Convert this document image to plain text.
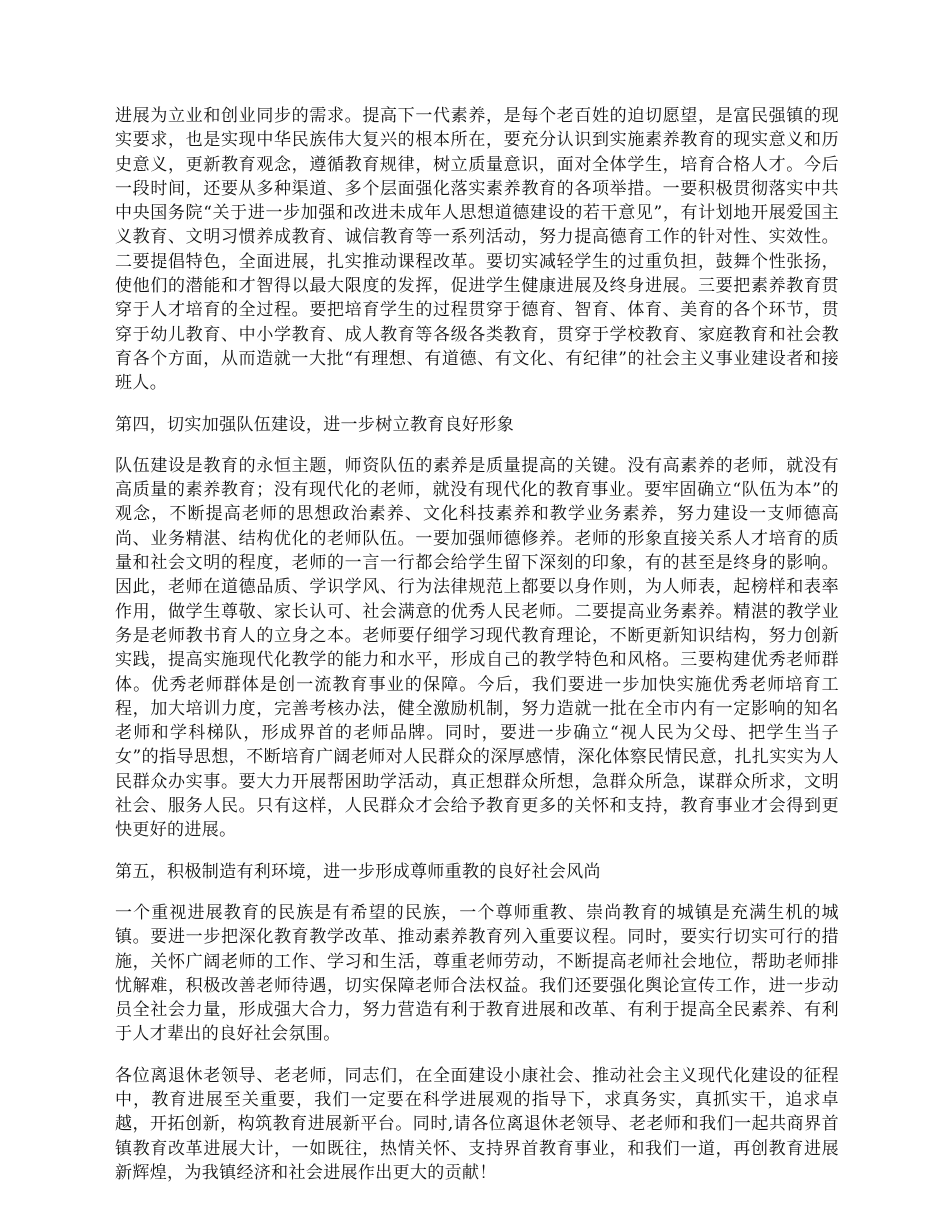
进展为立业和创业同步的需求。提高下一代素养，是每个老百姓的迫切愿望，是富民强镇的现实要求，也是实现中华民族伟大复兴的根本所在，要充分认识到实施素养教育的现实意义和历史意义，更新教育观念，遵循教育规律，树立质量意识，面对全体学生，培育合格人才。今后一段时间，还要从多种渠道、多个层面强化落实素养教育的各项举措。一要积极贯彻落实中共中央国务院“关于进一步加强和改进未成年人思想道德建设的若干意见”，有计划地开展爱国主义教育、文明习惯养成教育、诚信教育等一系列活动，努力提高德育工作的针对性、实效性。二要提倡特色，全面进展，扎实推动课程改革。要切实减轻学生的过重负担，鼓舞个性张扬，使他们的潜能和才智得以最大限度的发挥，促进学生健康进展及终身进展。三要把素养教育贯穿于人才培育的全过程。要把培育学生的过程贯穿于德育、智育、体育、美育的各个环节，贯穿于幼儿教育、中小学教育、成人教育等各级各类教育，贯穿于学校教育、家庭教育和社会教育各个方面，从而造就一大批“有理想、有道德、有文化、有纪律”的社会主义事业建设者和接班人。

第四，切实加强队伍建设，进一步树立教育良好形象

队伍建设是教育的永恒主题，师资队伍的素养是质量提高的关键。没有高素养的老师，就没有高质量的素养教育；没有现代化的老师，就没有现代化的教育事业。要牢固确立“队伍为本”的观念，不断提高老师的思想政治素养、文化科技素养和教学业务素养，努力建设一支师德高尚、业务精湛、结构优化的老师队伍。一要加强师德修养。老师的形象直接关系人才培育的质量和社会文明的程度，老师的一言一行都会给学生留下深刻的印象，有的甚至是终身的影响。因此，老师在道德品质、学识学风、行为法律规范上都要以身作则，为人师表，起榜样和表率作用，做学生尊敬、家长认可、社会满意的优秀人民老师。二要提高业务素养。精湛的教学业务是老师教书育人的立身之本。老师要仔细学习现代教育理论，不断更新知识结构，努力创新实践，提高实施现代化教学的能力和水平，形成自己的教学特色和风格。三要构建优秀老师群体。优秀老师群体是创一流教育事业的保障。今后，我们要进一步加快实施优秀老师培育工程，加大培训力度，完善考核办法，健全激励机制，努力造就一批在全市内有一定影响的知名老师和学科梯队，形成界首的老师品牌。同时，要进一步确立“视人民为父母、把学生当子女”的指导思想，不断培育广阔老师对人民群众的深厚感情，深化体察民情民意，扎扎实实为人民群众办实事。要大力开展帮困助学活动，真正想群众所想，急群众所急，谋群众所求，文明社会、服务人民。只有这样，人民群众才会给予教育更多的关怀和支持，教育事业才会得到更快更好的进展。

第五，积极制造有利环境，进一步形成尊师重教的良好社会风尚

一个重视进展教育的民族是有希望的民族，一个尊师重教、崇尚教育的城镇是充满生机的城镇。要进一步把深化教育教学改革、推动素养教育列入重要议程。同时，要实行切实可行的措施，关怀广阔老师的工作、学习和生活，尊重老师劳动，不断提高老师社会地位，帮助老师排忧解难，积极改善老师待遇，切实保障老师合法权益。我们还要强化舆论宣传工作，进一步动员全社会力量，形成强大合力，努力营造有利于教育进展和改革、有利于提高全民素养、有利于人才辈出的良好社会氛围。

各位离退休老领导、老老师，同志们，在全面建设小康社会、推动社会主义现代化建设的征程中，教育进展至关重要，我们一定要在科学进展观的指导下，求真务实，真抓实干，追求卓越，开拓创新，构筑教育进展新平台。同时,请各位离退休老领导、老老师和我们一起共商界首镇教育改革进展大计，一如既往，热情关怀、支持界首教育事业，和我们一道，再创教育进展新辉煌，为我镇经济和社会进展作出更大的贡献！
